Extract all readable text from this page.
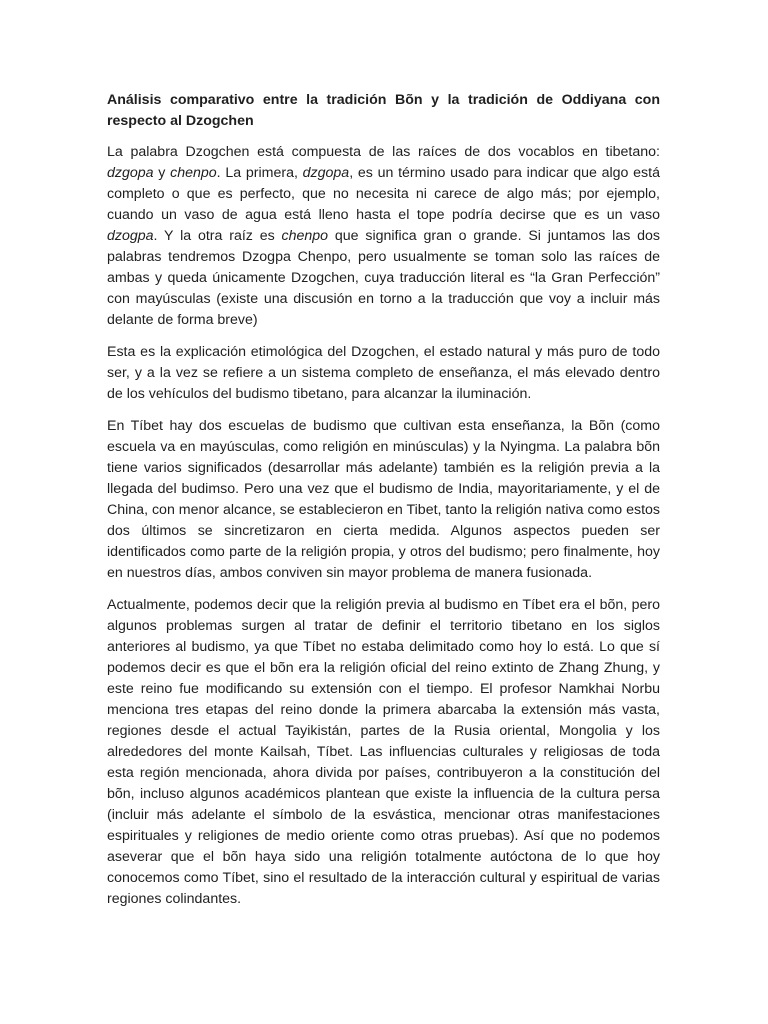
Análisis comparativo entre la tradición Bõn y la tradición de Oddiyana con respecto al Dzogchen

La palabra Dzogchen está compuesta de las raíces de dos vocablos en tibetano: dzgopa y chenpo. La primera, dzgopa, es un término usado para indicar que algo está completo o que es perfecto, que no necesita ni carece de algo más; por ejemplo, cuando un vaso de agua está lleno hasta el tope podría decirse que es un vaso dzogpa. Y la otra raíz es chenpo que significa gran o grande. Si juntamos las dos palabras tendremos Dzogpa Chenpo, pero usualmente se toman solo las raíces de ambas y queda únicamente Dzogchen, cuya traducción literal es “la Gran Perfección” con mayúsculas (existe una discusión en torno a la traducción que voy a incluir más delante de forma breve)

Esta es la explicación etimológica del Dzogchen, el estado natural y más puro de todo ser, y a la vez se refiere a un sistema completo de enseñanza, el más elevado dentro de los vehículos del budismo tibetano, para alcanzar la iluminación.

En Tíbet hay dos escuelas de budismo que cultivan esta enseñanza, la Bõn (como escuela va en mayúsculas, como religión en minúsculas) y la Nyingma. La palabra bõn tiene varios significados (desarrollar más adelante) también es la religión previa a la llegada del budimso. Pero una vez que el budismo de India, mayoritariamente, y el de China, con menor alcance, se establecieron en Tibet, tanto la religión nativa como estos dos últimos se sincretizaron en cierta medida. Algunos aspectos pueden ser identificados como parte de la religión propia, y otros del budismo; pero finalmente, hoy en nuestros días, ambos conviven sin mayor problema de manera fusionada.

Actualmente, podemos decir que la religión previa al budismo en Tíbet era el bõn, pero algunos problemas surgen al tratar de definir el territorio tibetano en los siglos anteriores al budismo, ya que Tíbet no estaba delimitado como hoy lo está. Lo que sí podemos decir es que el bõn era la religión oficial del reino extinto de Zhang Zhung, y este reino fue modificando su extensión con el tiempo. El profesor Namkhai Norbu menciona tres etapas del reino donde la primera abarcaba la extensión más vasta, regiones desde el actual Tayikistán, partes de la Rusia oriental, Mongolia y los alrededores del monte Kailsah, Tíbet. Las influencias culturales y religiosas de toda esta región mencionada, ahora divida por países, contribuyeron a la constitución del bõn, incluso algunos académicos plantean que existe la influencia de la cultura persa (incluir más adelante el símbolo de la esvástica, mencionar otras manifestaciones espirituales y religiones de medio oriente como otras pruebas). Así que no podemos aseverar que el bõn haya sido una religión totalmente autóctona de lo que hoy conocemos como Tíbet, sino el resultado de la interacción cultural y espiritual de varias regiones colindantes.
